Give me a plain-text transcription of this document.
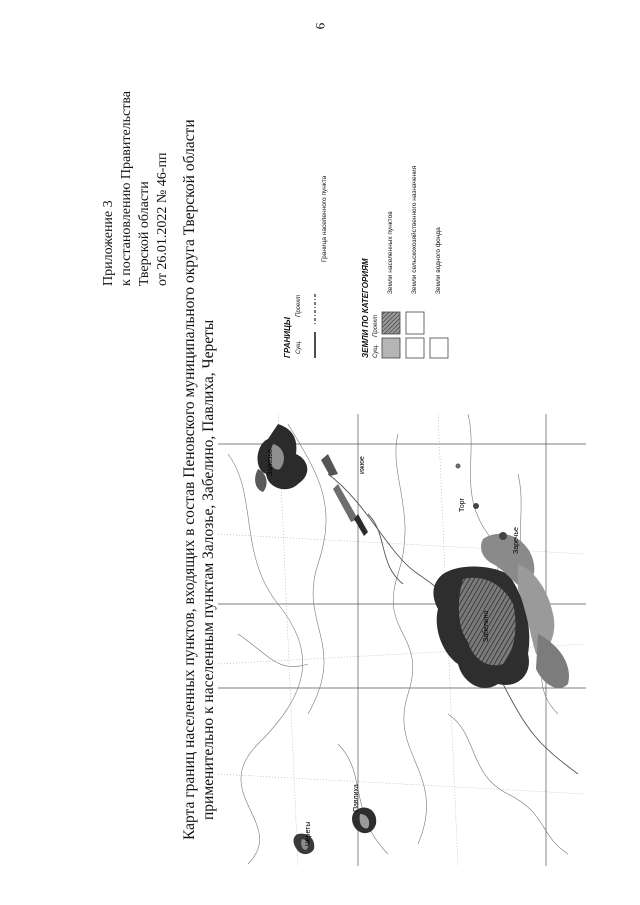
9
Приложение 3 к постановлению Правительства Тверской области от 26.01.2022 № 46-пп Карта границ населенных пунктов, входящих в состав Пеновского муниципального округа Тверской области применительно к населенным пунктам Залозье, Забелино, Павлиха, Череты	ГРАНИЦЫ Сущ.
Проект
Граница населенного пункта
ЗЕМЛИ ПО КАТЕГОРИЯМ Сущ.
Проект
Земли населенных пунктов	Земли сельскохозяйственного назначения	Земли водного фонда
Залозье
Забелино
Заречье
Торг
ижюе
Павлиха
Череты
